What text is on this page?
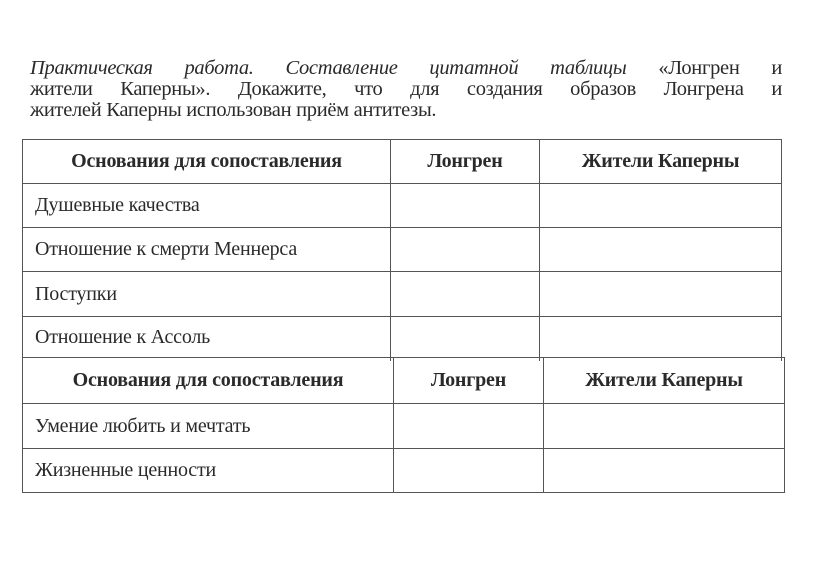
Практическая работа. Составление цитатной таблицы «Лонгрен и
жители Каперны». Докажите, что для создания образов Лонгрена и
жителей Каперны использован приём антитезы.
Основания для сопоставления	Лонгрен	Жители Каперны
Душевные качества		
Отношение к смерти Меннерса		
Поступки		
Отношение к Ассоль		
Основания для сопоставления	Лонгрен	Жители Каперны
Умение любить и мечтать		
Жизненные ценности		
